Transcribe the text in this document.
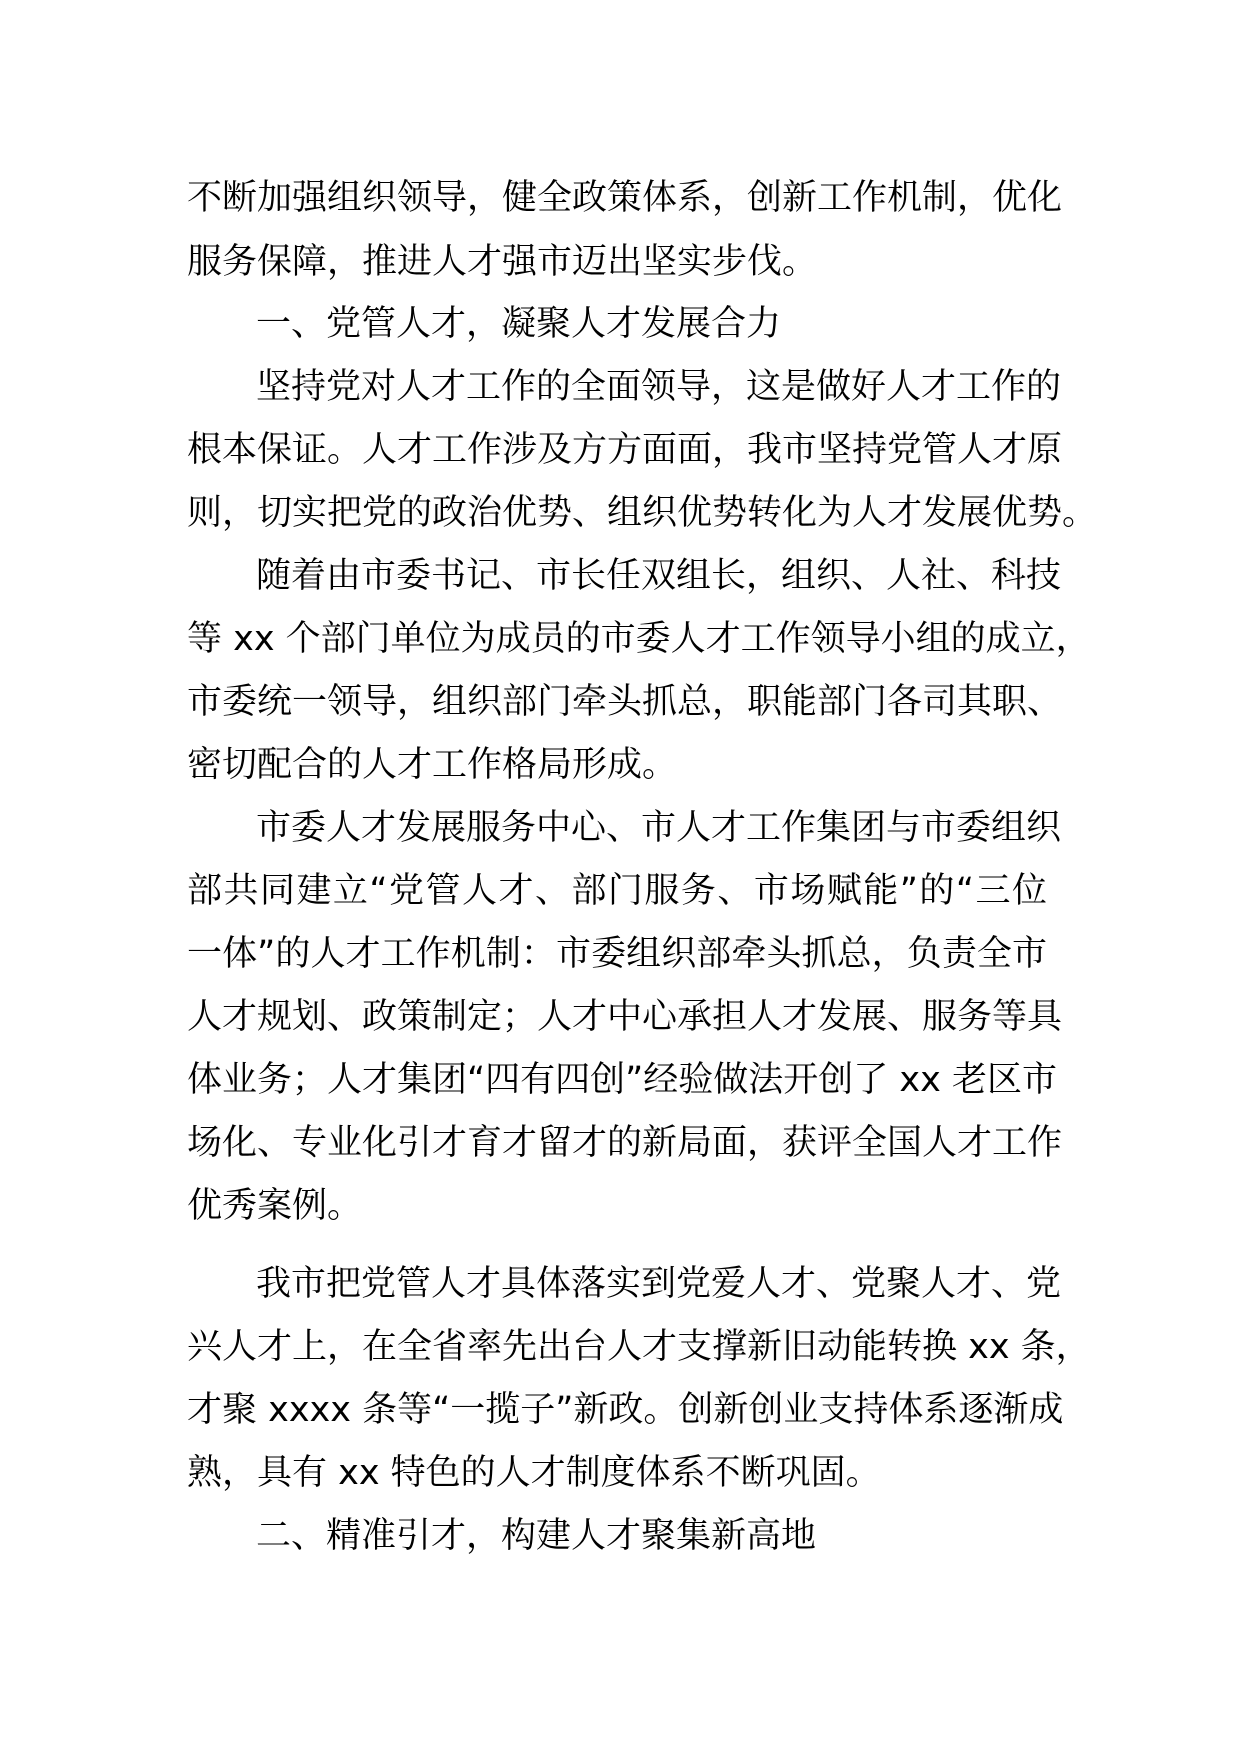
不断加强组织领导，健全政策体系，创新工作机制，优化
服务保障，推进人才强市迈出坚实步伐。
一、党管人才，凝聚人才发展合力
坚持党对人才工作的全面领导，这是做好人才工作的
根本保证。人才工作涉及方方面面，我市坚持党管人才原
则，切实把党的政治优势、组织优势转化为人才发展优势。
随着由市委书记、市长任双组长，组织、人社、科技
等 xx 个部门单位为成员的市委人才工作领导小组的成立，
市委统一领导，组织部门牵头抓总，职能部门各司其职、
密切配合的人才工作格局形成。
市委人才发展服务中心、市人才工作集团与市委组织
部共同建立“党管人才、部门服务、市场赋能”的“三位
一体”的人才工作机制：市委组织部牵头抓总，负责全市
人才规划、政策制定；人才中心承担人才发展、服务等具
体业务；人才集团“四有四创”经验做法开创了 xx 老区市
场化、专业化引才育才留才的新局面，获评全国人才工作
优秀案例。
我市把党管人才具体落实到党爱人才、党聚人才、党
兴人才上，在全省率先出台人才支撑新旧动能转换 xx 条，
才聚 xxxx 条等“一揽子”新政。创新创业支持体系逐渐成
熟，具有 xx 特色的人才制度体系不断巩固。
二、精准引才，构建人才聚集新高地
